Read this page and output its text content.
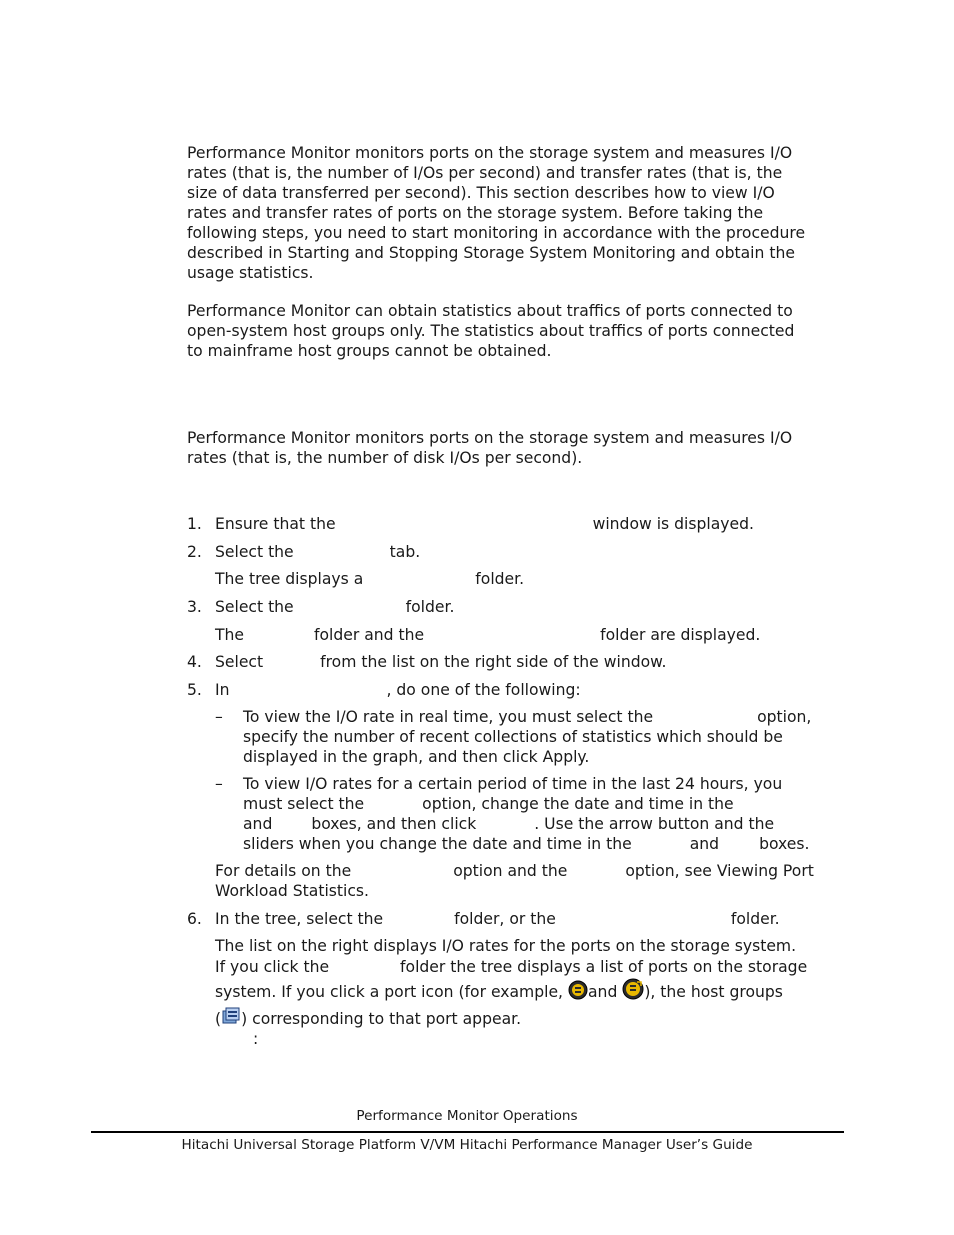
Performance Monitor monitors ports on the storage system and measures I/O
rates (that is, the number of I/Os per second) and transfer rates (that is, the
size of data transferred per second). This section describes how to view I/O
rates and transfer rates of ports on the storage system. Before taking the
following steps, you need to start monitoring in accordance with the procedure
described in Starting and Stopping Storage System Monitoring and obtain the
usage statistics.
Performance Monitor can obtain statistics about traffics of ports connected to
open-system host groups only. The statistics about traffics of ports connected
to mainframe host groups cannot be obtained.
Performance Monitor monitors ports on the storage system and measures I/O
rates (that is, the number of disk I/Os per second).
1. Ensure that the	window is displayed.
2. Select the	tab.
The tree displays a	folder.
3. Select the	folder.
The	folder and the	folder are displayed.
4. Select	from the list on the right side of the window.
5. In	, do one of the following:
–	To view the I/O rate in real time, you must select the	option,
specify the number of recent collections of statistics which should be
displayed in the graph, and then click Apply.
–	To view I/O rates for a certain period of time in the last 24 hours, you
must select the	option, change the date and time in the
and	boxes, and then click	. Use the arrow button and the
sliders when you change the date and time in the	and	boxes.
For details on the	option and the	option, see Viewing Port
Workload Statistics.
6. In the tree, select the	folder, or the	folder.
The list on the right displays I/O rates for the ports on the storage system.
If you click the	folder the tree displays a list of ports on the storage
system. If you click a port icon (for example, and ), the host groups
( ) corresponding to that port appear.
:
Performance Monitor Operations
Hitachi Universal Storage Platform V/VM Hitachi Performance Manager User’s Guide
